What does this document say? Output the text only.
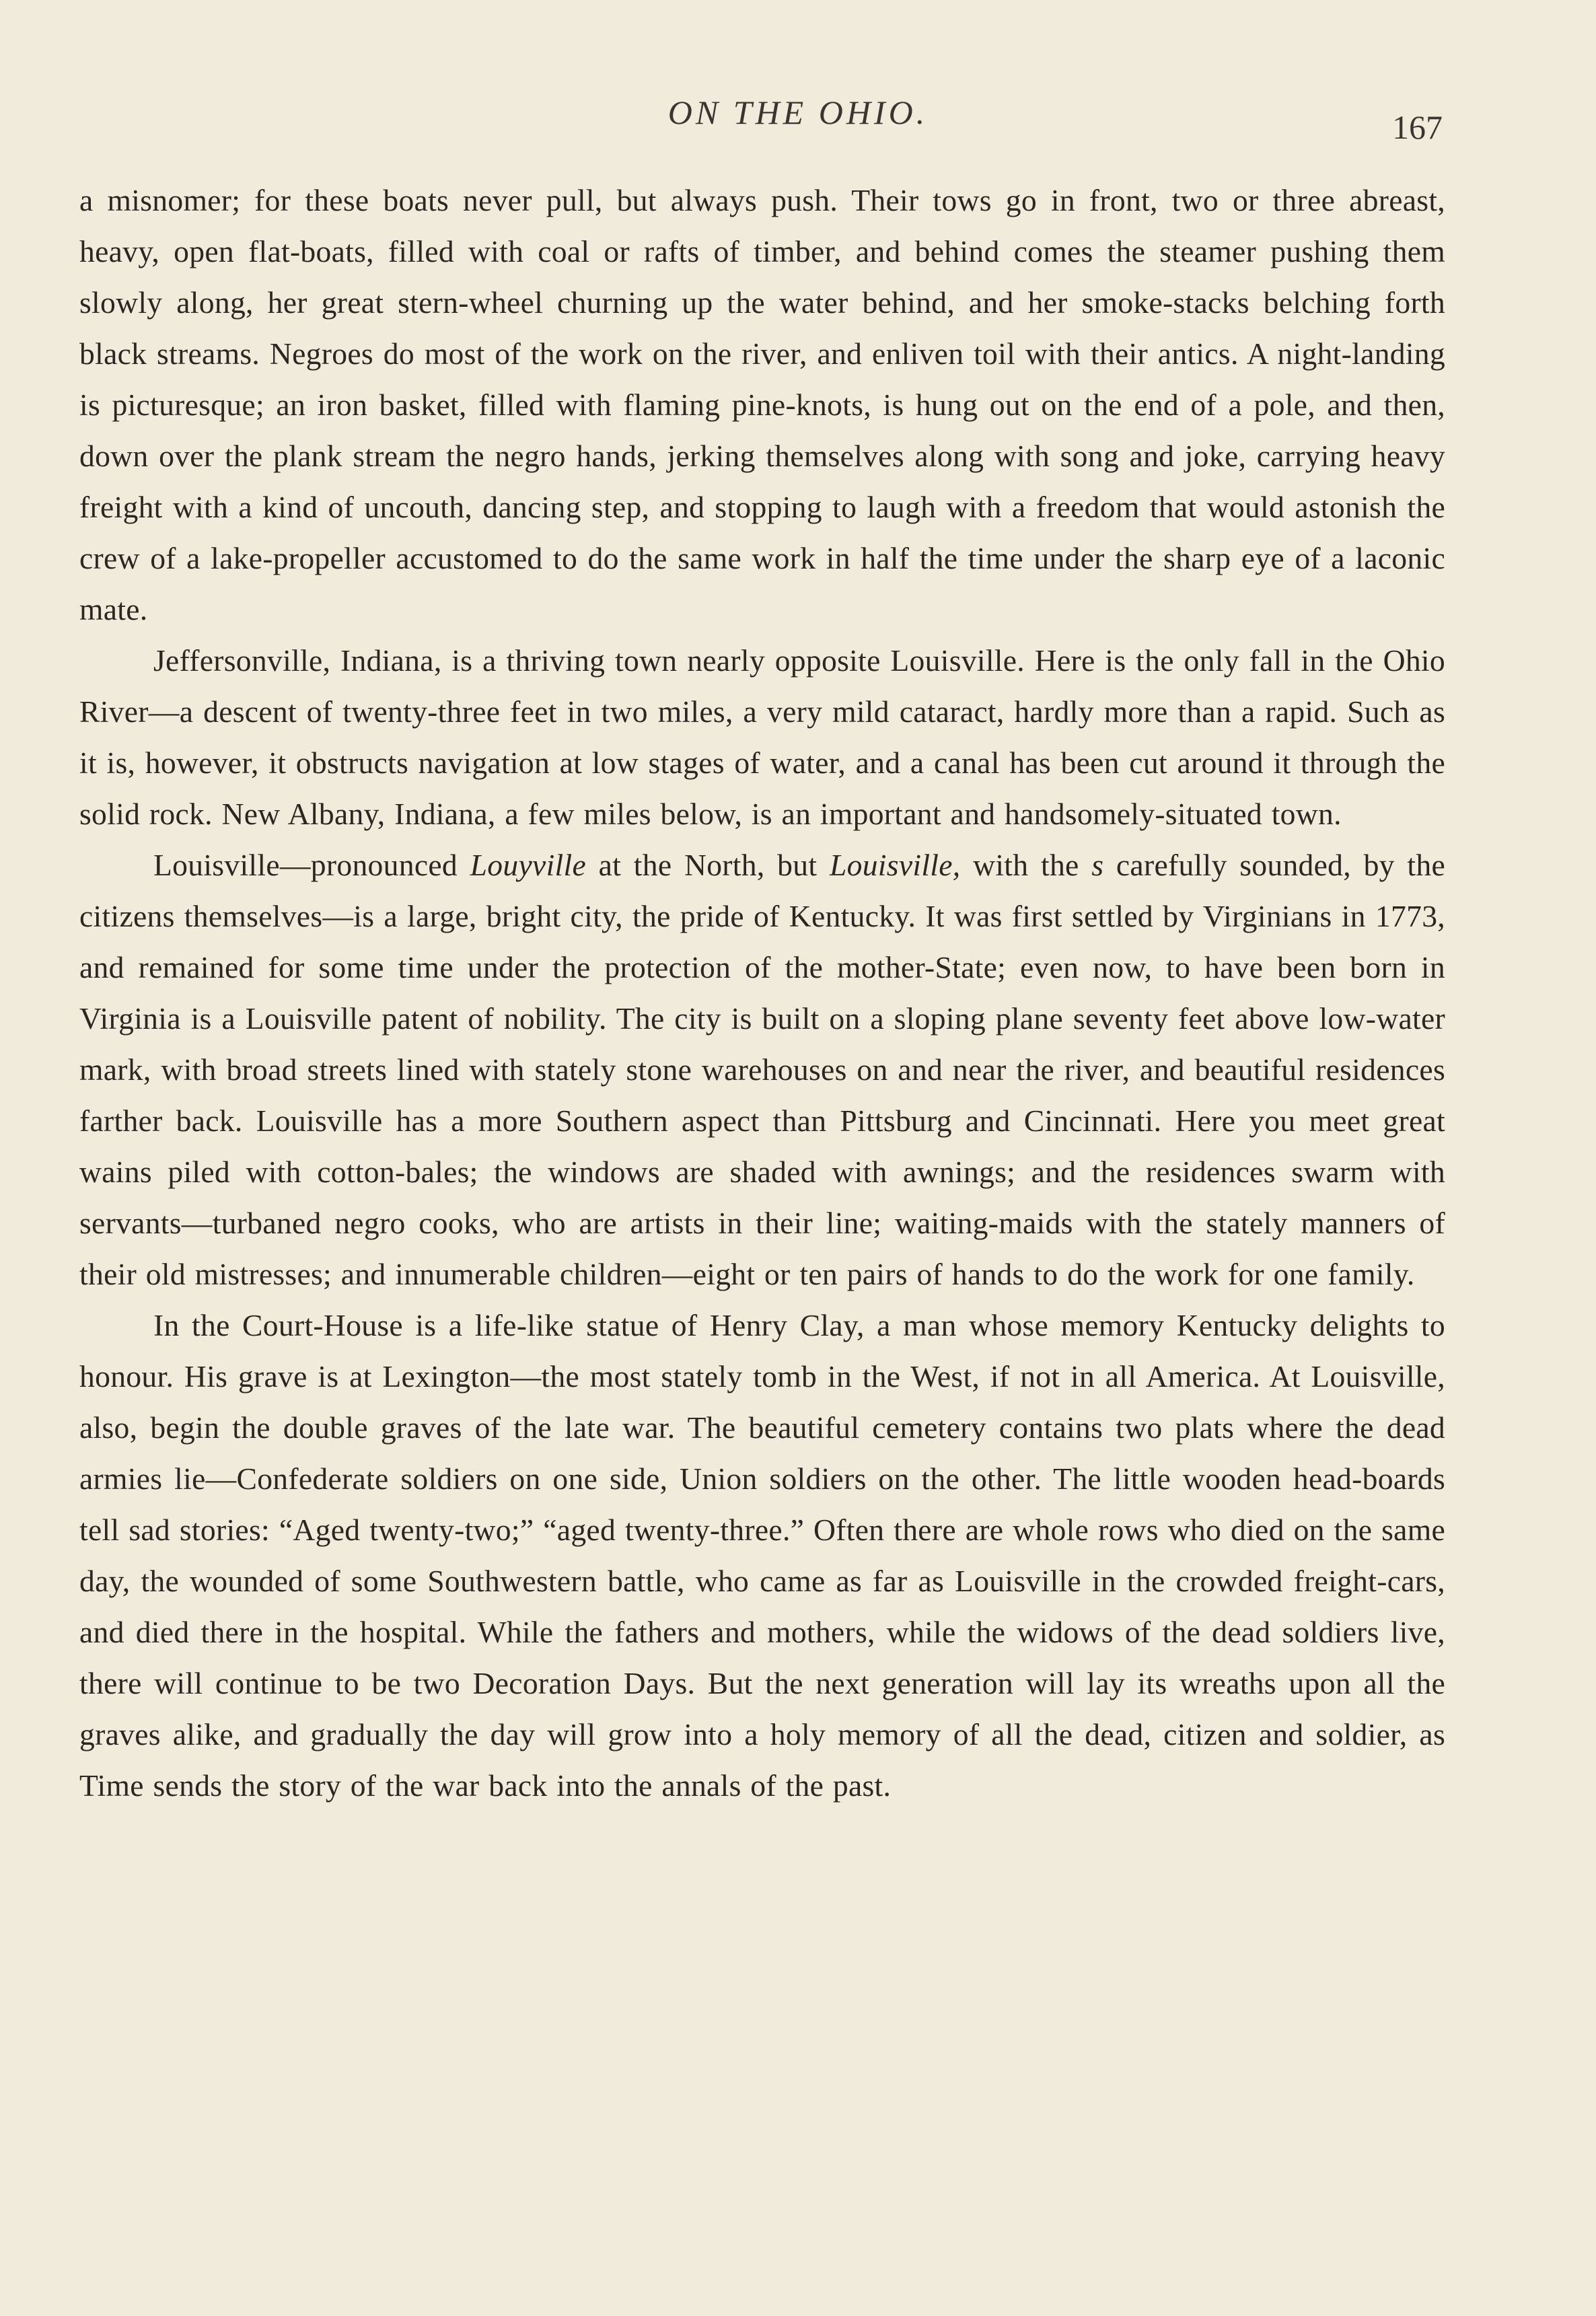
ON THE OHIO.	167

a misnomer; for these boats never pull, but always push. Their tows go in front, two or three abreast, heavy, open flat-boats, filled with coal or rafts of timber, and behind comes the steamer pushing them slowly along, her great stern-wheel churning up the water behind, and her smoke-stacks belching forth black streams. Negroes do most of the work on the river, and enliven toil with their antics. A night-landing is picturesque; an iron basket, filled with flaming pine-knots, is hung out on the end of a pole, and then, down over the plank stream the negro hands, jerking themselves along with song and joke, carrying heavy freight with a kind of uncouth, dancing step, and stopping to laugh with a freedom that would astonish the crew of a lake-propeller accustomed to do the same work in half the time under the sharp eye of a laconic mate.

Jeffersonville, Indiana, is a thriving town nearly opposite Louisville. Here is the only fall in the Ohio River—a descent of twenty-three feet in two miles, a very mild cataract, hardly more than a rapid. Such as it is, however, it obstructs navigation at low stages of water, and a canal has been cut around it through the solid rock. New Albany, Indiana, a few miles below, is an important and handsomely-situated town.

Louisville—pronounced Louyville at the North, but Louisville, with the s carefully sounded, by the citizens themselves—is a large, bright city, the pride of Kentucky. It was first settled by Virginians in 1773, and remained for some time under the protection of the mother-State; even now, to have been born in Virginia is a Louisville patent of nobility. The city is built on a sloping plane seventy feet above low-water mark, with broad streets lined with stately stone warehouses on and near the river, and beautiful residences farther back. Louisville has a more Southern aspect than Pittsburg and Cincinnati. Here you meet great wains piled with cotton-bales; the windows are shaded with awnings; and the residences swarm with servants—turbaned negro cooks, who are artists in their line; waiting-maids with the stately manners of their old mistresses; and innumerable children—eight or ten pairs of hands to do the work for one family.

In the Court-House is a life-like statue of Henry Clay, a man whose memory Kentucky delights to honour. His grave is at Lexington—the most stately tomb in the West, if not in all America. At Louisville, also, begin the double graves of the late war. The beautiful cemetery contains two plats where the dead armies lie—Confederate soldiers on one side, Union soldiers on the other. The little wooden head-boards tell sad stories: “Aged twenty-two;” “aged twenty-three.” Often there are whole rows who died on the same day, the wounded of some Southwestern battle, who came as far as Louisville in the crowded freight-cars, and died there in the hospital. While the fathers and mothers, while the widows of the dead soldiers live, there will continue to be two Decoration Days. But the next generation will lay its wreaths upon all the graves alike, and gradually the day will grow into a holy memory of all the dead, citizen and soldier, as Time sends the story of the war back into the annals of the past.
